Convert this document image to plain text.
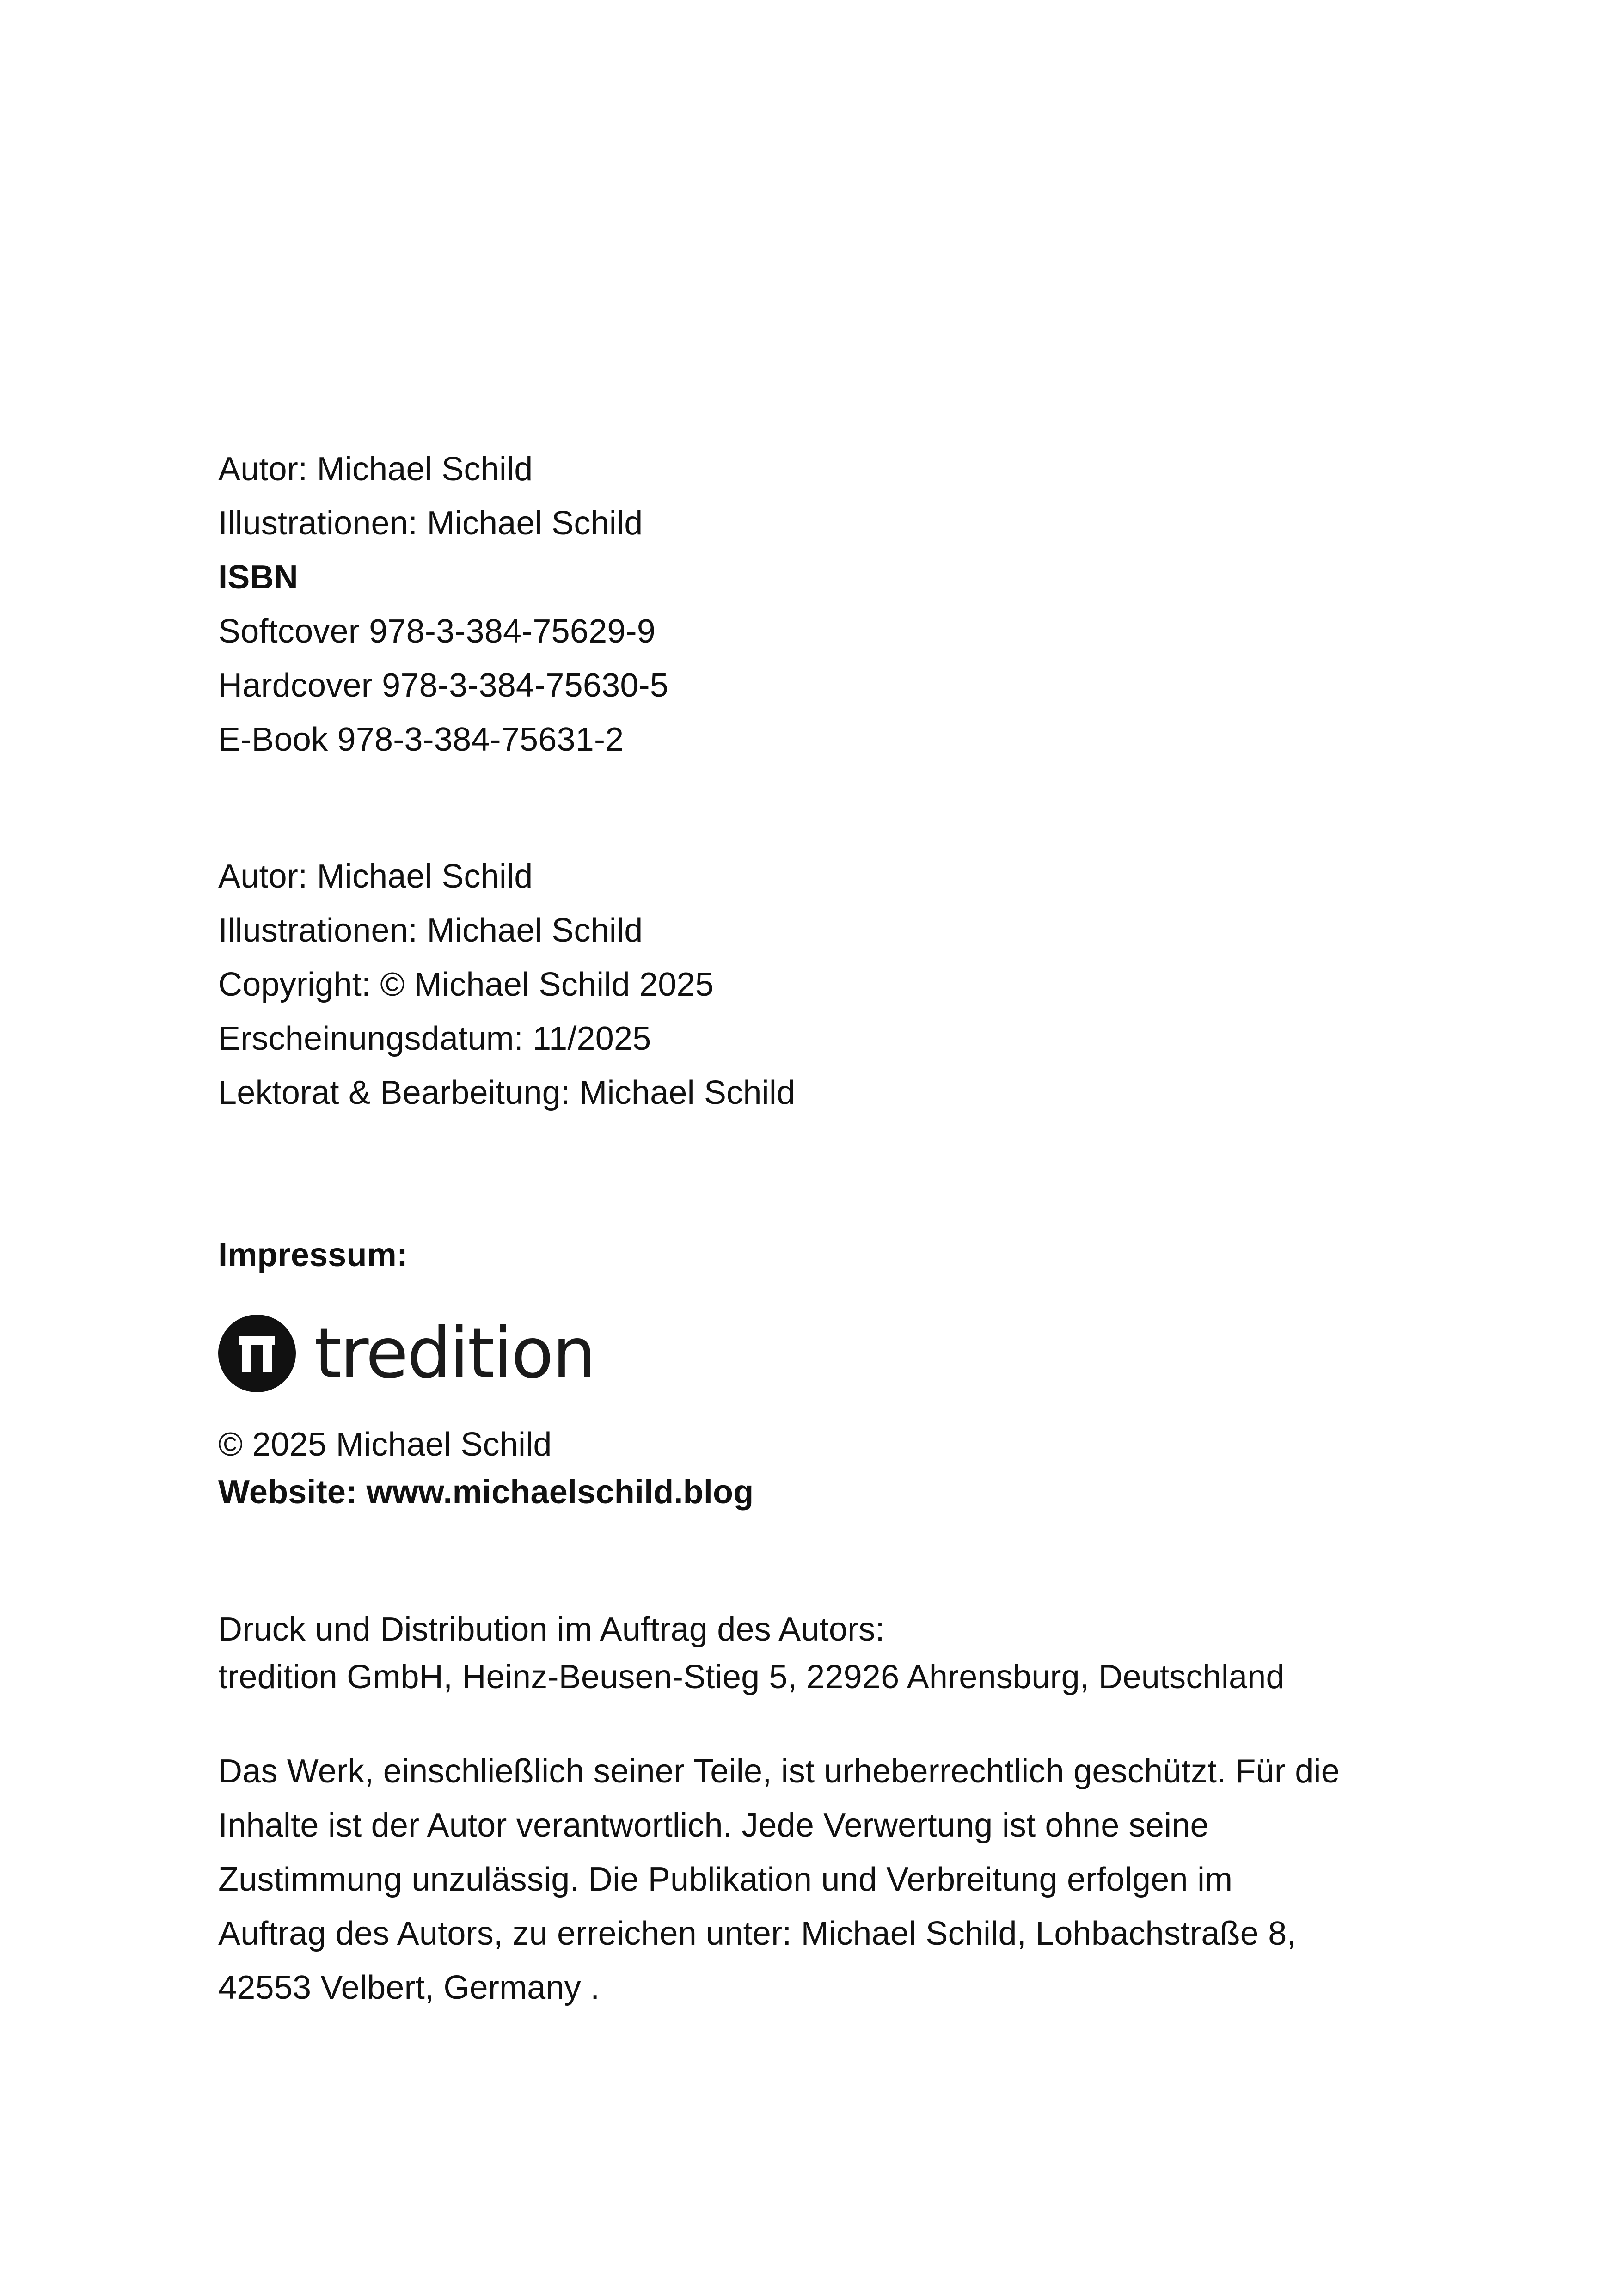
Autor: Michael Schild
Illustrationen: Michael Schild
ISBN
Softcover 978-3-384-75629-9
Hardcover 978-3-384-75630-5
E-Book 978-3-384-75631-2
Autor: Michael Schild
Illustrationen: Michael Schild
Copyright: © Michael Schild 2025
Erscheinungsdatum: 11/2025
Lektorat & Bearbeitung: Michael Schild
Impressum:
tredition
© 2025 Michael Schild
Website: www.michaelschild.blog
Druck und Distribution im Auftrag des Autors:
tredition GmbH, Heinz-Beusen-Stieg 5, 22926 Ahrensburg, Deutschland
Das Werk, einschließlich seiner Teile, ist urheberrechtlich geschützt. Für die
Inhalte ist der Autor verantwortlich. Jede Verwertung ist ohne seine
Zustimmung unzulässig. Die Publikation und Verbreitung erfolgen im
Auftrag des Autors, zu erreichen unter: Michael Schild, Lohbachstraße 8,
42553 Velbert, Germany .
